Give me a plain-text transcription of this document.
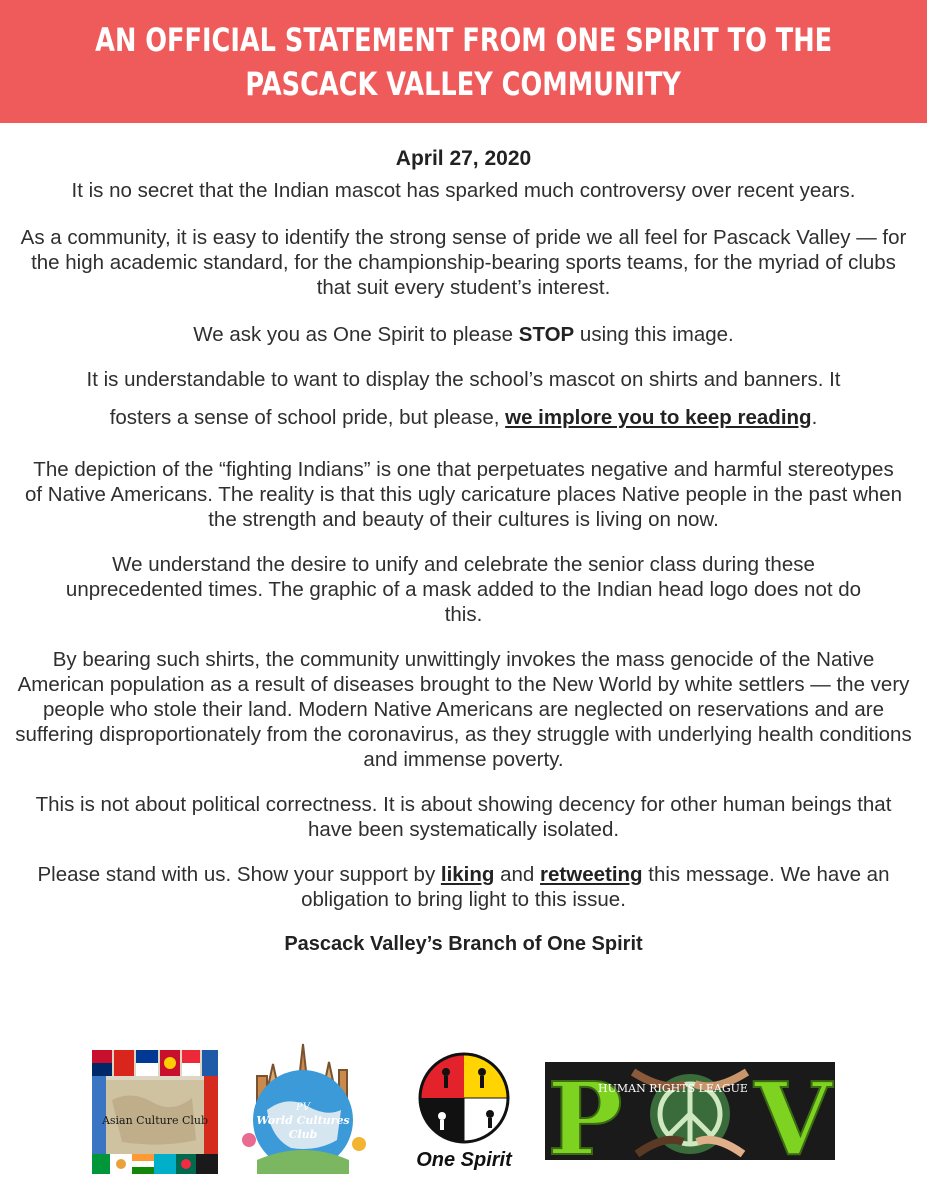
AN OFFICIAL STATEMENT FROM ONE SPIRIT TO THE
PASCACK VALLEY COMMUNITY
April 27, 2020

It is no secret that the Indian mascot has sparked much controversy over recent years.

As a community, it is easy to identify the strong sense of pride we all feel for Pascack Valley — for the high academic standard, for the championship-bearing sports teams, for the myriad of clubs that suit every student’s interest.

We ask you as One Spirit to please STOP using this image.

It is understandable to want to display the school’s mascot on shirts and banners. It
fosters a sense of school pride, but please, we implore you to keep reading.

The depiction of the “fighting Indians” is one that perpetuates negative and harmful stereotypes of Native Americans. The reality is that this ugly caricature places Native people in the past when the strength and beauty of their cultures is living on now.

We understand the desire to unify and celebrate the senior class during these unprecedented times. The graphic of a mask added to the Indian head logo does not do this.

By bearing such shirts, the community unwittingly invokes the mass genocide of the Native American population as a result of diseases brought to the New World by white settlers — the very people who stole their land. Modern Native Americans are neglected on reservations and are suffering disproportionately from the coronavirus, as they struggle with underlying health conditions and immense poverty.

This is not about political correctness. It is about showing decency for other human beings that have been systematically isolated.

Please stand with us. Show your support by liking and retweeting this message. We have an obligation to bring light to this issue.

Pascack Valley’s Branch of One Spirit

Asian Culture Club
PV
World Cultures
Club
One Spirit P V
HUMAN RIGHTS LEAGUE
